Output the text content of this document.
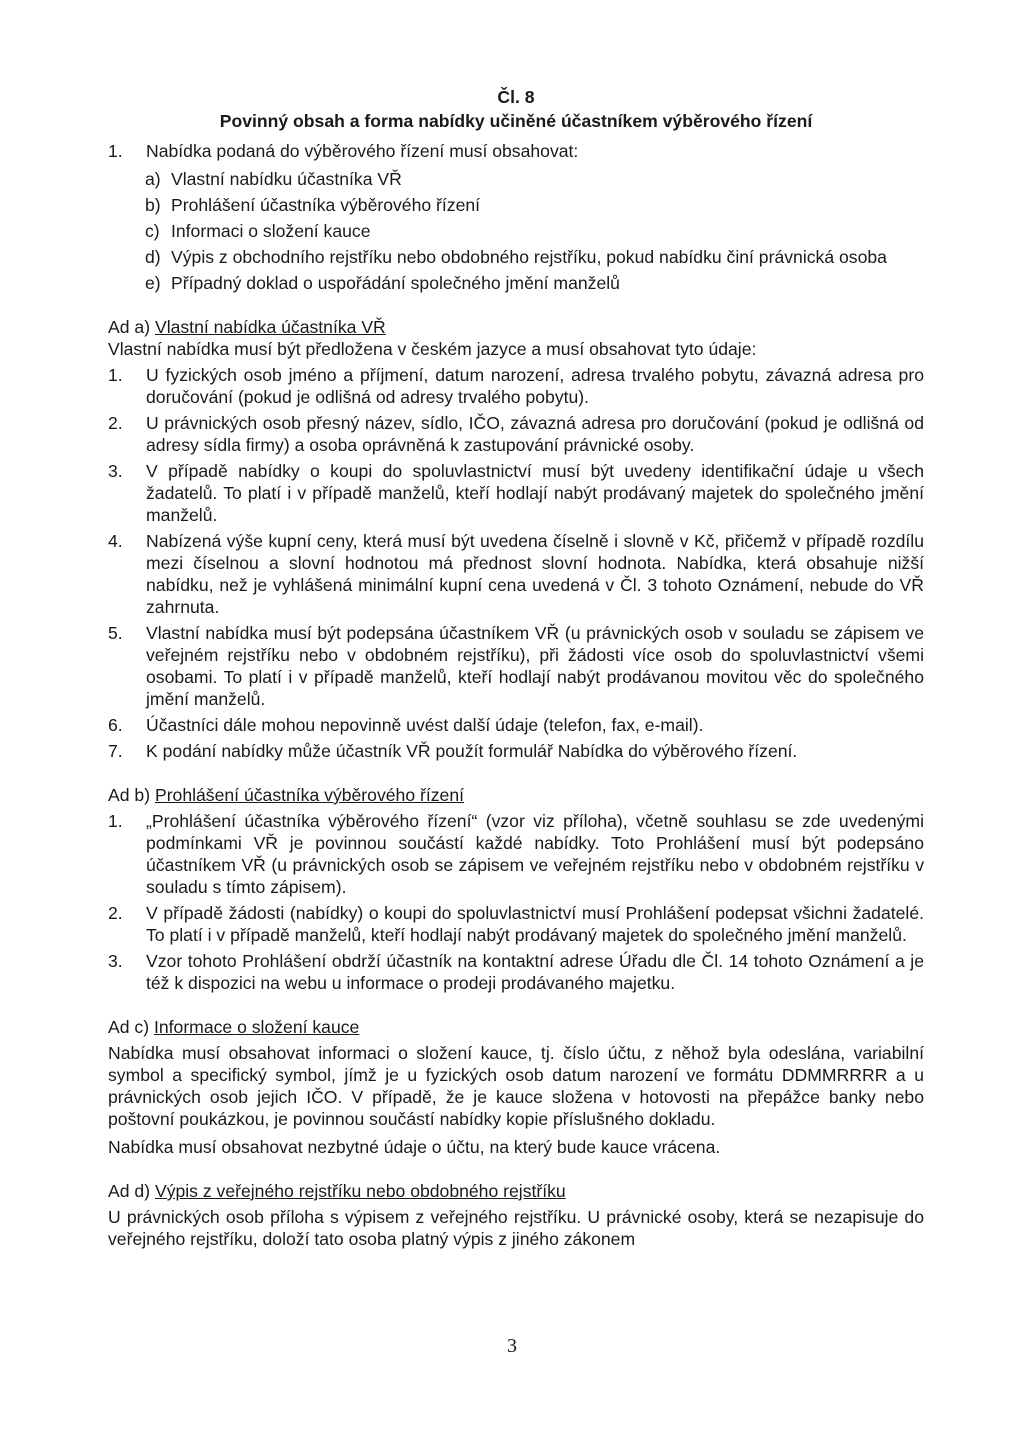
Čl. 8
Povinný obsah a forma nabídky učiněné účastníkem výběrového řízení
1.	Nabídka podaná do výběrového řízení musí obsahovat:
a) Vlastní nabídku účastníka VŘ
b) Prohlášení účastníka výběrového řízení
c) Informaci o složení kauce
d) Výpis z obchodního rejstříku nebo obdobného rejstříku, pokud nabídku činí právnická osoba
e) Případný doklad o uspořádání společného jmění manželů
Ad a) Vlastní nabídka účastníka VŘ
Vlastní nabídka musí být předložena v českém jazyce a musí obsahovat tyto údaje:
1.	U fyzických osob jméno a příjmení, datum narození, adresa trvalého pobytu, závazná adresa pro doručování (pokud je odlišná od adresy trvalého pobytu).
2.	U právnických osob přesný název, sídlo, IČO, závazná adresa pro doručování (pokud je odlišná od adresy sídla firmy) a osoba oprávněná k zastupování právnické osoby.
3.	V případě nabídky o koupi do spoluvlastnictví musí být uvedeny identifikační údaje u všech žadatelů. To platí i v případě manželů, kteří hodlají nabýt prodávaný majetek do společného jmění manželů.
4.	Nabízená výše kupní ceny, která musí být uvedena číselně i slovně v Kč, přičemž v případě rozdílu mezi číselnou a slovní hodnotou má přednost slovní hodnota. Nabídka, která obsahuje nižší nabídku, než je vyhlášená minimální kupní cena uvedená v Čl. 3 tohoto Oznámení, nebude do VŘ zahrnuta.
5.	Vlastní nabídka musí být podepsána účastníkem VŘ (u právnických osob v souladu se zápisem ve veřejném rejstříku nebo v obdobném rejstříku), při žádosti více osob do spoluvlastnictví všemi osobami. To platí i v případě manželů, kteří hodlají nabýt prodávanou movitou věc do společného jmění manželů.
6.	Účastníci dále mohou nepovinně uvést další údaje (telefon, fax, e-mail).
7.	K podání nabídky může účastník VŘ použít formulář Nabídka do výběrového řízení.
Ad b) Prohlášení účastníka výběrového řízení
1.	„Prohlášení účastníka výběrového řízení“ (vzor viz příloha), včetně souhlasu se zde uvedenými podmínkami VŘ je povinnou součástí každé nabídky. Toto Prohlášení musí být podepsáno účastníkem VŘ (u právnických osob se zápisem ve veřejném rejstříku nebo v obdobném rejstříku v souladu s tímto zápisem).
2.	V případě žádosti (nabídky) o koupi do spoluvlastnictví musí Prohlášení podepsat všichni žadatelé. To platí i v případě manželů, kteří hodlají nabýt prodávaný majetek do společného jmění manželů.
3.	Vzor tohoto Prohlášení obdrží účastník na kontaktní adrese Úřadu dle Čl. 14 tohoto Oznámení a je též k dispozici na webu u informace o prodeji prodávaného majetku.
Ad c) Informace o složení kauce
Nabídka musí obsahovat informaci o složení kauce, tj. číslo účtu, z něhož byla odeslána, variabilní symbol a specifický symbol, jímž je u fyzických osob datum narození ve formátu DDMMRRRR a u právnických osob jejich IČO. V případě, že je kauce složena v hotovosti na přepážce banky nebo poštovní poukázkou, je povinnou součástí nabídky kopie příslušného dokladu.
Nabídka musí obsahovat nezbytné údaje o účtu, na který bude kauce vrácena.
Ad d) Výpis z veřejného rejstříku nebo obdobného rejstříku
U právnických osob příloha s výpisem z veřejného rejstříku. U právnické osoby, která se nezapisuje do veřejného rejstříku, doloží tato osoba platný výpis z jiného zákonem
3
